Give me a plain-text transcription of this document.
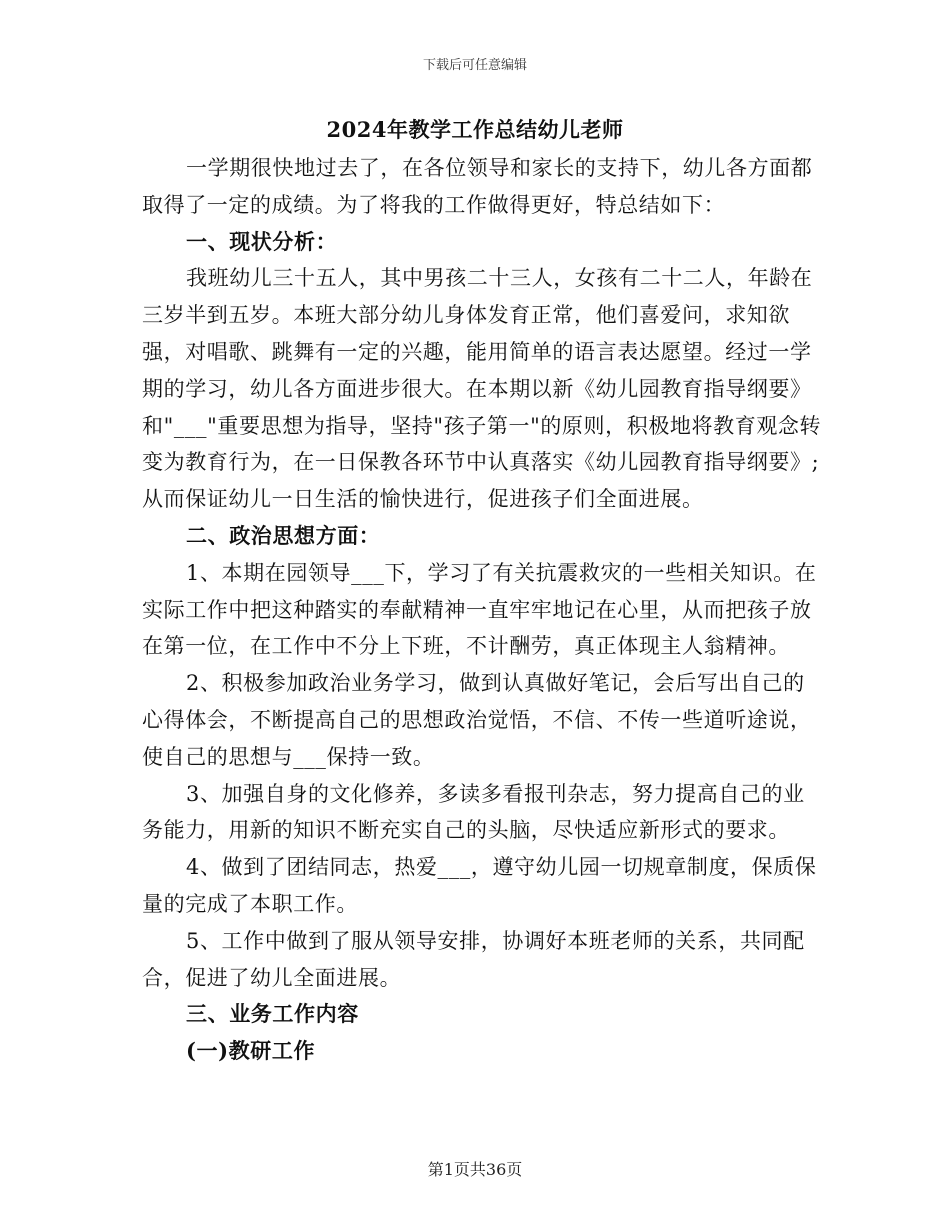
下载后可任意编辑
2024年教学工作总结幼儿老师

一学期很快地过去了，在各位领导和家长的支持下，幼儿各方面都取得了一定的成绩。为了将我的工作做得更好，特总结如下：

一、现状分析：

我班幼儿三十五人，其中男孩二十三人，女孩有二十二人，年龄在三岁半到五岁。本班大部分幼儿身体发育正常，他们喜爱问，求知欲强，对唱歌、跳舞有一定的兴趣，能用简单的语言表达愿望。经过一学期的学习，幼儿各方面进步很大。在本期以新《幼儿园教育指导纲要》和"___"重要思想为指导，坚持"孩子第一"的原则，积极地将教育观念转变为教育行为，在一日保教各环节中认真落实《幼儿园教育指导纲要》;从而保证幼儿一日生活的愉快进行，促进孩子们全面进展。

二、政治思想方面：

1、本期在园领导___下，学习了有关抗震救灾的一些相关知识。在实际工作中把这种踏实的奉献精神一直牢牢地记在心里，从而把孩子放在第一位，在工作中不分上下班，不计酬劳，真正体现主人翁精神。

2、积极参加政治业务学习，做到认真做好笔记，会后写出自己的心得体会，不断提高自己的思想政治觉悟，不信、不传一些道听途说，使自己的思想与___保持一致。

3、加强自身的文化修养，多读多看报刊杂志，努力提高自己的业务能力，用新的知识不断充实自己的头脑，尽快适应新形式的要求。

4、做到了团结同志，热爱___，遵守幼儿园一切规章制度，保质保量的完成了本职工作。

5、工作中做到了服从领导安排，协调好本班老师的关系，共同配合，促进了幼儿全面进展。

三、业务工作内容

(一)教研工作

第1页共36页
